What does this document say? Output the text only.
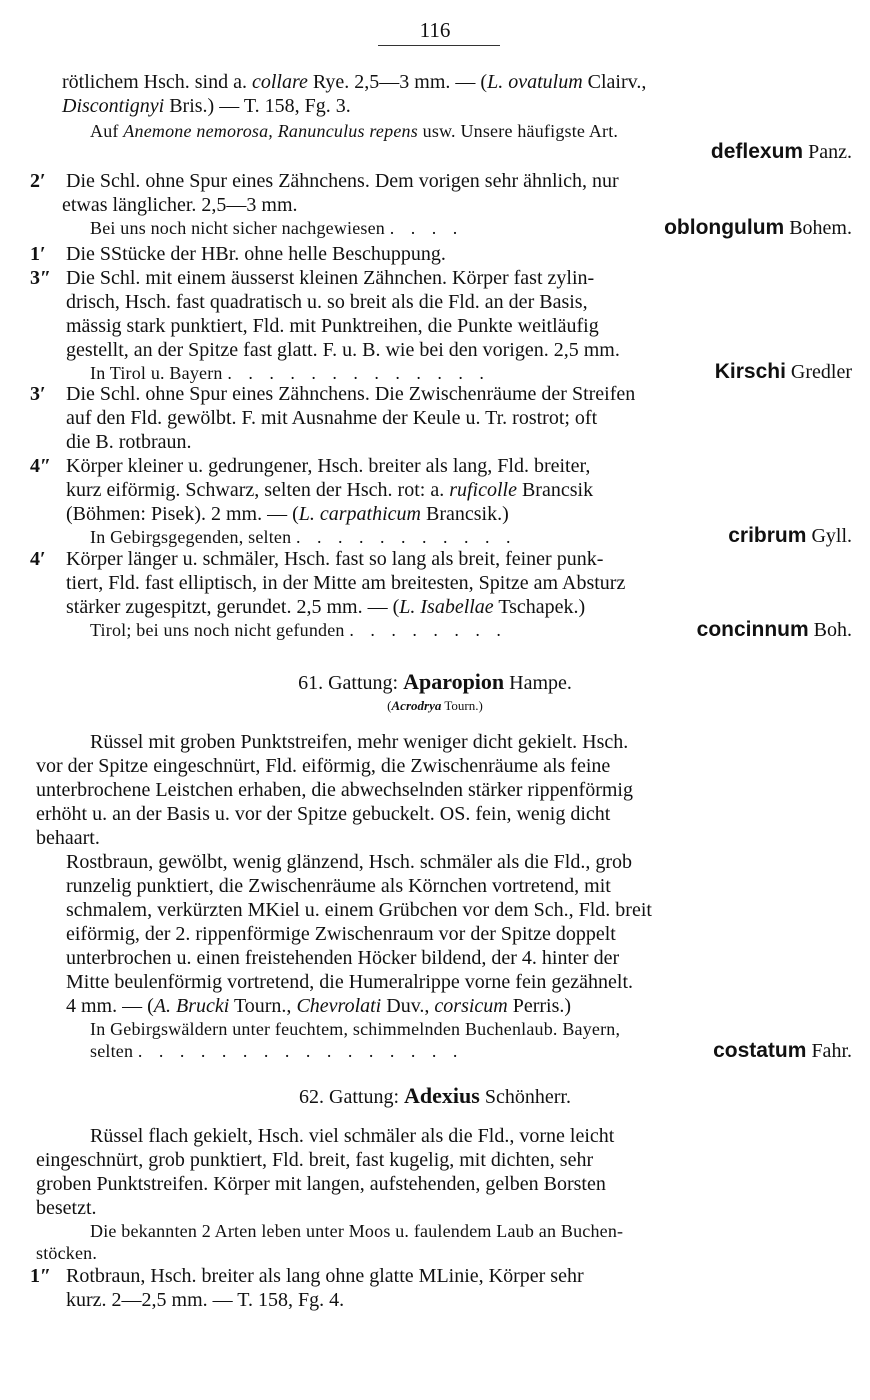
116
rötlichem Hsch. sind a. collare Rye. 2,5—3 mm. — (L. ovatulum Clairv.,
Discontignyi Bris.) — T. 158, Fg. 3.
Auf Anemone nemorosa, Ranunculus repens usw. Unsere häufigste Art.
deflexum Panz.
2′ Die Schl. ohne Spur eines Zähnchens. Dem vorigen sehr ähnlich, nur
etwas länglicher. 2,5—3 mm.
Bei uns noch nicht sicher nachgewiesen . . . .	oblongulum Bohem.
1′ Die SStücke der HBr. ohne helle Beschuppung.
3″ Die Schl. mit einem äusserst kleinen Zähnchen. Körper fast zylin-
drisch, Hsch. fast quadratisch u. so breit als die Fld. an der Basis,
mässig stark punktiert, Fld. mit Punktreihen, die Punkte weitläufig
gestellt, an der Spitze fast glatt. F. u. B. wie bei den vorigen. 2,5 mm.
In Tirol u. Bayern . . . . . . . . . . . . .	Kirschi Gredler
3′ Die Schl. ohne Spur eines Zähnchens. Die Zwischenräume der Streifen
auf den Fld. gewölbt. F. mit Ausnahme der Keule u. Tr. rostrot; oft
die B. rotbraun.
4″ Körper kleiner u. gedrungener, Hsch. breiter als lang, Fld. breiter,
kurz eiförmig. Schwarz, selten der Hsch. rot: a. ruficolle Brancsik
(Böhmen: Pisek). 2 mm. — (L. carpathicum Brancsik.)
In Gebirgsgegenden, selten . . . . . . . . . . .	cribrum Gyll.
4′ Körper länger u. schmäler, Hsch. fast so lang als breit, feiner punk-
tiert, Fld. fast elliptisch, in der Mitte am breitesten, Spitze am Absturz
stärker zugespitzt, gerundet. 2,5 mm. — (L. Isabellae Tschapek.)
Tirol; bei uns noch nicht gefunden . . . . . . . .	concinnum Boh.
61. Gattung: Aparopion Hampe.
(Acrodrya Tourn.)
Rüssel mit groben Punktstreifen, mehr weniger dicht gekielt. Hsch.
vor der Spitze eingeschnürt, Fld. eiförmig, die Zwischenräume als feine
unterbrochene Leistchen erhaben, die abwechselnden stärker rippenförmig
erhöht u. an der Basis u. vor der Spitze gebuckelt. OS. fein, wenig dicht
behaart.
Rostbraun, gewölbt, wenig glänzend, Hsch. schmäler als die Fld., grob
runzelig punktiert, die Zwischenräume als Körnchen vortretend, mit
schmalem, verkürzten MKiel u. einem Grübchen vor dem Sch., Fld. breit
eiförmig, der 2. rippenförmige Zwischenraum vor der Spitze doppelt
unterbrochen u. einen freistehenden Höcker bildend, der 4. hinter der
Mitte beulenförmig vortretend, die Humeralrippe vorne fein gezähnelt.
4 mm. — (A. Brucki Tourn., Chevrolati Duv., corsicum Perris.)
In Gebirgswäldern unter feuchtem, schimmelnden Buchenlaub. Bayern,
selten . . . . . . . . . . . . . . . .	costatum Fahr.
62. Gattung: Adexius Schönherr.
Rüssel flach gekielt, Hsch. viel schmäler als die Fld., vorne leicht
eingeschnürt, grob punktiert, Fld. breit, fast kugelig, mit dichten, sehr
groben Punktstreifen. Körper mit langen, aufstehenden, gelben Borsten
besetzt.
Die bekannten 2 Arten leben unter Moos u. faulendem Laub an Buchen-
stöcken.
1″ Rotbraun, Hsch. breiter als lang ohne glatte MLinie, Körper sehr
kurz. 2—2,5 mm. — T. 158, Fg. 4.
